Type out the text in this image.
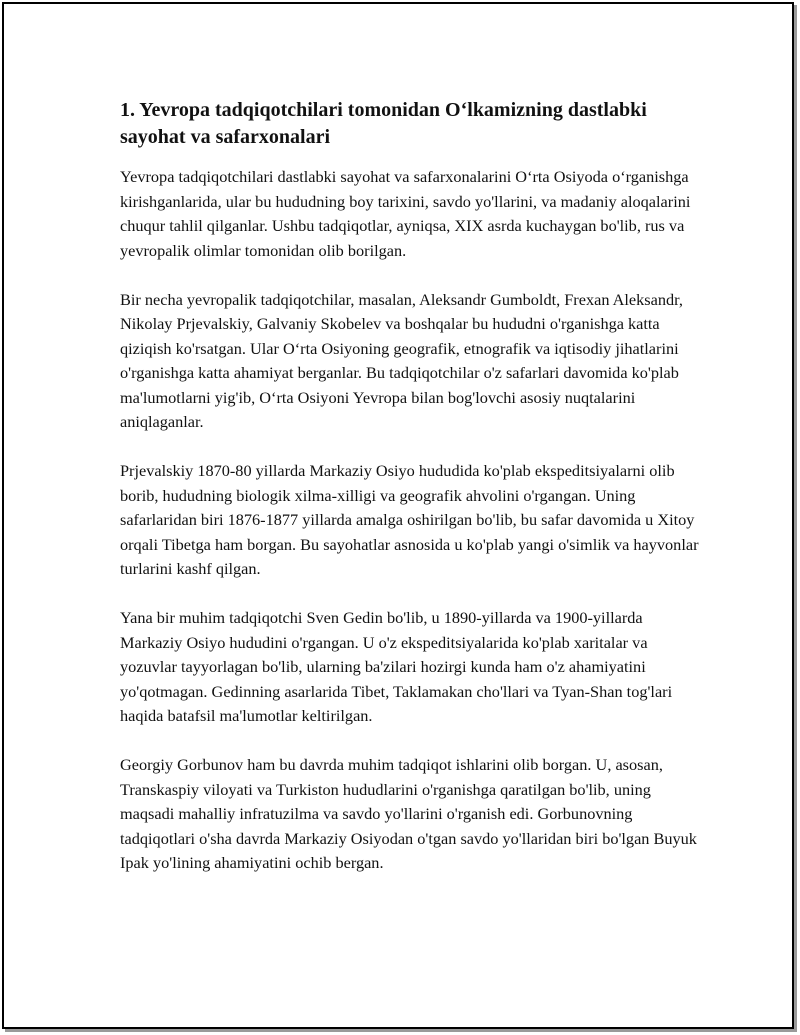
1. Yevropa tadqiqotchilari tomonidan O‘lkamizning dastlabki sayohat va safarxonalari

Yevropa tadqiqotchilari dastlabki sayohat va safarxonalarini O‘rta Osiyoda o‘rganishga kirishganlarida, ular bu hududning boy tarixini, savdo yo'llarini, va madaniy aloqalarini chuqur tahlil qilganlar. Ushbu tadqiqotlar, ayniqsa, XIX asrda kuchaygan bo'lib, rus va yevropalik olimlar tomonidan olib borilgan.

Bir necha yevropalik tadqiqotchilar, masalan, Aleksandr Gumboldt, Frexan Aleksandr, Nikolay Prjevalskiy, Galvaniy Skobelev va boshqalar bu hududni o'rganishga katta qiziqish ko'rsatgan. Ular O‘rta Osiyoning geografik, etnografik va iqtisodiy jihatlarini o'rganishga katta ahamiyat berganlar. Bu tadqiqotchilar o'z safarlari davomida ko'plab ma'lumotlarni yig'ib, O‘rta Osiyoni Yevropa bilan bog'lovchi asosiy nuqtalarini aniqlaganlar.

Prjevalskiy 1870-80 yillarda Markaziy Osiyo hududida ko'plab ekspeditsiyalarni olib borib, hududning biologik xilma-xilligi va geografik ahvolini o'rgangan. Uning safarlaridan biri 1876-1877 yillarda amalga oshirilgan bo'lib, bu safar davomida u Xitoy orqali Tibetga ham borgan. Bu sayohatlar asnosida u ko'plab yangi o'simlik va hayvonlar turlarini kashf qilgan.

Yana bir muhim tadqiqotchi Sven Gedin bo'lib, u 1890-yillarda va 1900-yillarda Markaziy Osiyo hududini o'rgangan. U o'z ekspeditsiyalarida ko'plab xaritalar va yozuvlar tayyorlagan bo'lib, ularning ba'zilari hozirgi kunda ham o'z ahamiyatini yo'qotmagan. Gedinning asarlarida Tibet, Taklamakan cho'llari va Tyan-Shan tog'lari haqida batafsil ma'lumotlar keltirilgan.

Georgiy Gorbunov ham bu davrda muhim tadqiqot ishlarini olib borgan. U, asosan, Transkaspiy viloyati va Turkiston hududlarini o'rganishga qaratilgan bo'lib, uning maqsadi mahalliy infratuzilma va savdo yo'llarini o'rganish edi. Gorbunovning tadqiqotlari o'sha davrda Markaziy Osiyodan o'tgan savdo yo'llaridan biri bo'lgan Buyuk Ipak yo'lining ahamiyatini ochib bergan.
